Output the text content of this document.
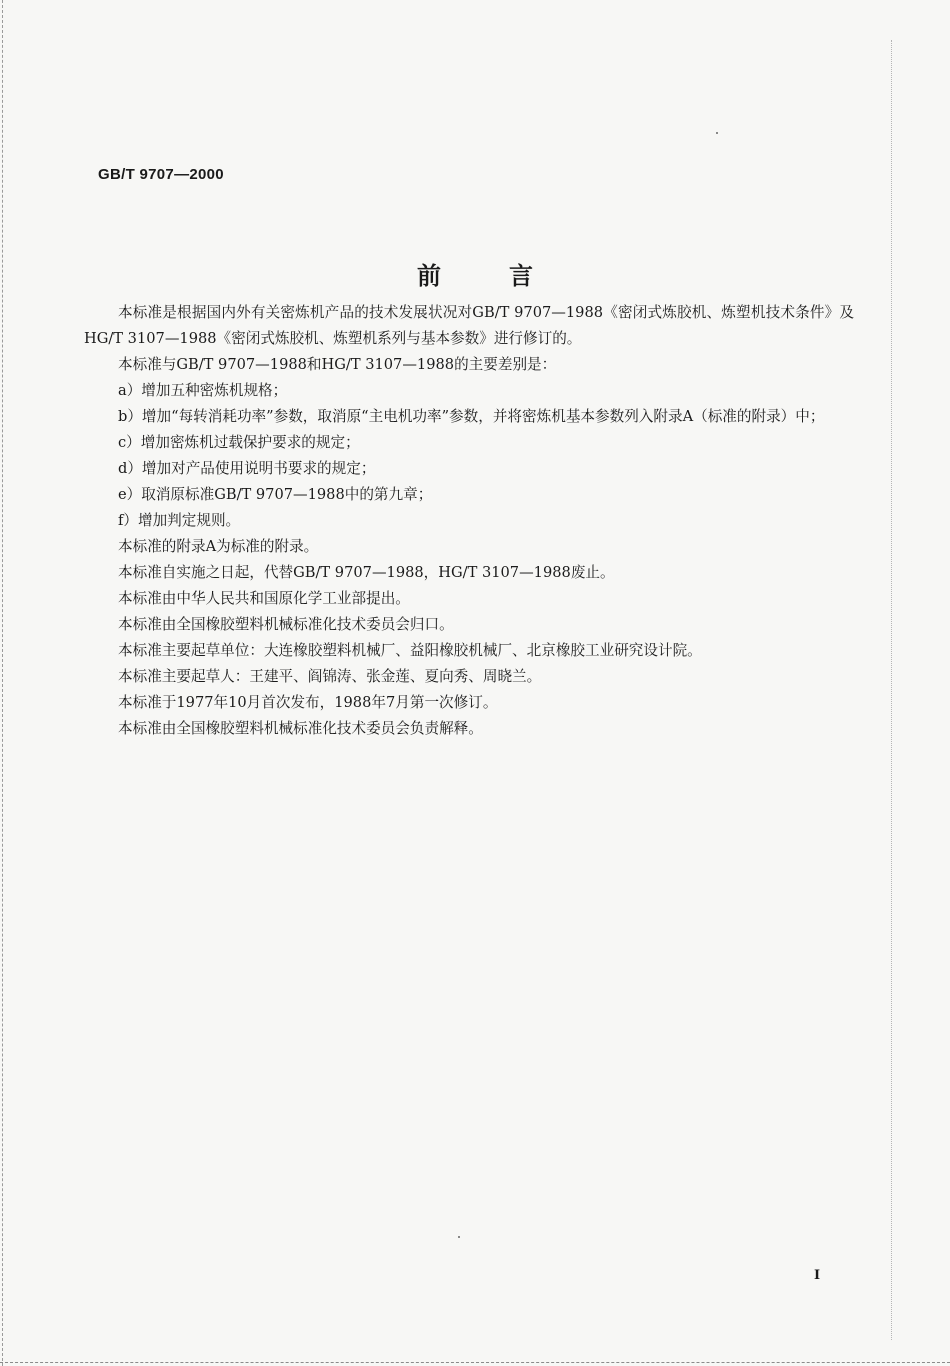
GB/T 9707—2000
前言

本标准是根据国内外有关密炼机产品的技术发展状况对GB/T 9707—1988《密闭式炼胶机、炼塑机技术条件》及HG/T 3107—1988《密闭式炼胶机、炼塑机系列与基本参数》进行修订的。

本标准与GB/T 9707—1988和HG/T 3107—1988的主要差别是：

a）增加五种密炼机规格；

b）增加“每转消耗功率”参数，取消原“主电机功率”参数，并将密炼机基本参数列入附录A（标准的附录）中；

c）增加密炼机过载保护要求的规定；

d）增加对产品使用说明书要求的规定；

e）取消原标准GB/T 9707—1988中的第九章；

f）增加判定规则。

本标准的附录A为标准的附录。

本标准自实施之日起，代替GB/T 9707—1988，HG/T 3107—1988废止。

本标准由中华人民共和国原化学工业部提出。

本标准由全国橡胶塑料机械标准化技术委员会归口。

本标准主要起草单位：大连橡胶塑料机械厂、益阳橡胶机械厂、北京橡胶工业研究设计院。

本标准主要起草人：王建平、阎锦涛、张金莲、夏向秀、周晓兰。

本标准于1977年10月首次发布，1988年7月第一次修订。

本标准由全国橡胶塑料机械标准化技术委员会负责解释。

I
